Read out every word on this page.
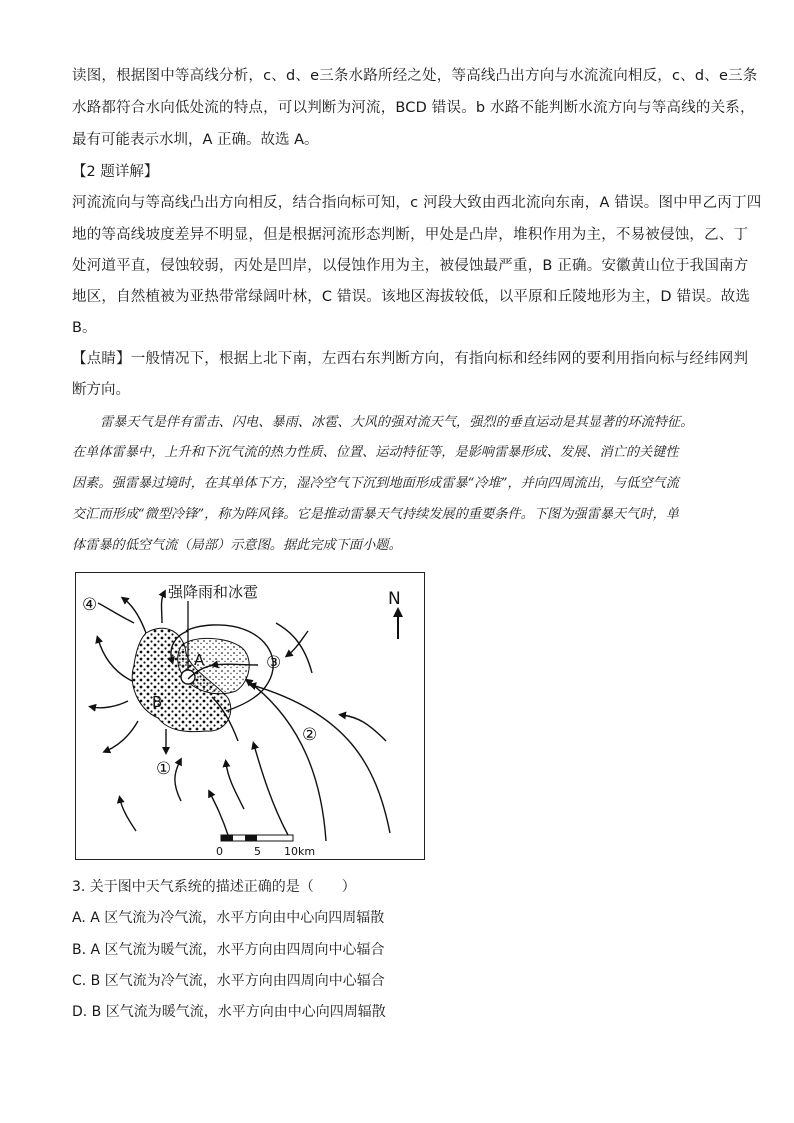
读图，根据图中等高线分析，c、d、e三条水路所经之处，等高线凸出方向与水流流向相反，c、d、e三条
水路都符合水向低处流的特点，可以判断为河流，BCD 错误。b 水路不能判断水流方向与等高线的关系，
最有可能表示水圳，A 正确。故选 A。
【2 题详解】
河流流向与等高线凸出方向相反，结合指向标可知，c 河段大致由西北流向东南，A 错误。图中甲乙丙丁四
地的等高线坡度差异不明显，但是根据河流形态判断，甲处是凸岸，堆积作用为主，不易被侵蚀，乙、丁
处河道平直，侵蚀较弱，丙处是凹岸，以侵蚀作用为主，被侵蚀最严重，B 正确。安徽黄山位于我国南方
地区，自然植被为亚热带常绿阔叶林，C 错误。该地区海拔较低，以平原和丘陵地形为主，D 错误。故选
B。
【点睛】一般情况下，根据上北下南，左西右东判断方向，有指向标和经纬网的要利用指向标与经纬网判
断方向。
雷暴天气是伴有雷击、闪电、暴雨、冰雹、大风的强对流天气，强烈的垂直运动是其显著的环流特征。
在单体雷暴中，上升和下沉气流的热力性质、位置、运动特征等，是影响雷暴形成、发展、消亡的关键性
因素。强雷暴过境时，在其单体下方，湿冷空气下沉到地面形成雷暴“冷堆”，并向四周流出，与低空气流
交汇而形成“微型冷锋”，称为阵风锋。它是推动雷暴天气持续发展的重要条件。下图为强雷暴天气时，单
体雷暴的低空气流（局部）示意图。据此完成下面小题。
强降雨和冰雹	N
A
B
④
③
②
①
0	5 10km
3. 关于图中天气系统的描述正确的是（　　）
A. A 区气流为冷气流，水平方向由中心向四周辐散
B. A 区气流为暖气流，水平方向由四周向中心辐合
C. B 区气流为冷气流，水平方向由四周向中心辐合
D. B 区气流为暖气流，水平方向由中心向四周辐散
